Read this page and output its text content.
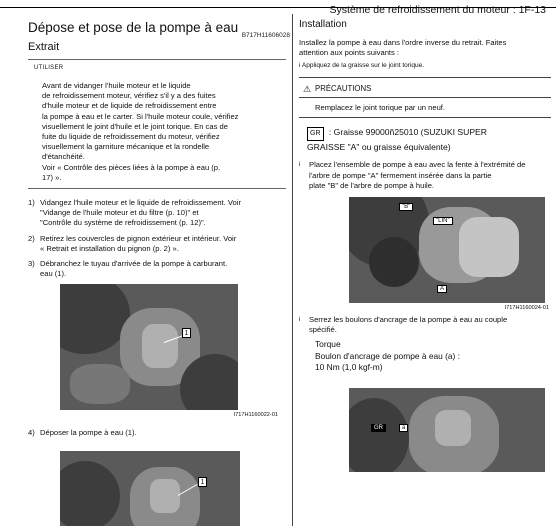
Système de refroidissement du moteur : 1F-13
Dépose et pose de la pompe à eau
B717H11606028
Extrait
UTILISER
Avant de vidanger l'huile moteur et le liquide
de refroidissement moteur, vérifiez s'il y a des fuites
d'huile moteur et de liquide de refroidissement entre
la pompe à eau et le carter. Si l'huile moteur coule, vérifiez
visuellement le joint d'huile et le joint torique. En cas de
fuite du liquide de refroidissement du moteur, vérifiez
visuellement la garniture mécanique et la rondelle
d'étanchéité.
Voir « Contrôle des pièces liées à la pompe à eau (p.
17) ».
1) Vidangez l'huile moteur et le liquide de refroidissement. Voir
"Vidange de l'huile moteur et du filtre (p. 10)" et
"Contrôle du système de refroidissement (p. 12)".
2) Retirez les couvercles de pignon extérieur et intérieur. Voir
« Retrait et installation du pignon (p. 2) ».
3) Débranchez le tuyau d'arrivée de la pompe à carburant.
eau (1).
1
I717H1160022-01
4) Déposer la pompe à eau (1).
1
Installation
Installez la pompe à eau dans l'ordre inverse du retrait. Faites
attention aux points suivants :
i Appliquez de la graisse sur le joint torique.
⚠ PRÉCAUTIONS
Remplacez le joint torique par un neuf.
GR : Graisse 99000ñ25010 (SUZUKI SUPER
GRAISSE "A" ou graisse équivalente)
i	Placez l'ensemble de pompe à eau avec la fente à l'extrémité de
l'arbre de pompe "A" fermement insérée dans la partie
plate "B" de l'arbre de pompe à huile.
"B"
"LIN"
A
I717H1160024-01
i	Serrez les boulons d'ancrage de la pompe à eau au couple
spécifié.
Torque
Boulon d'ancrage de pompe à eau (a) :
10 Nm (1,0 kgf-m)
GR	a
